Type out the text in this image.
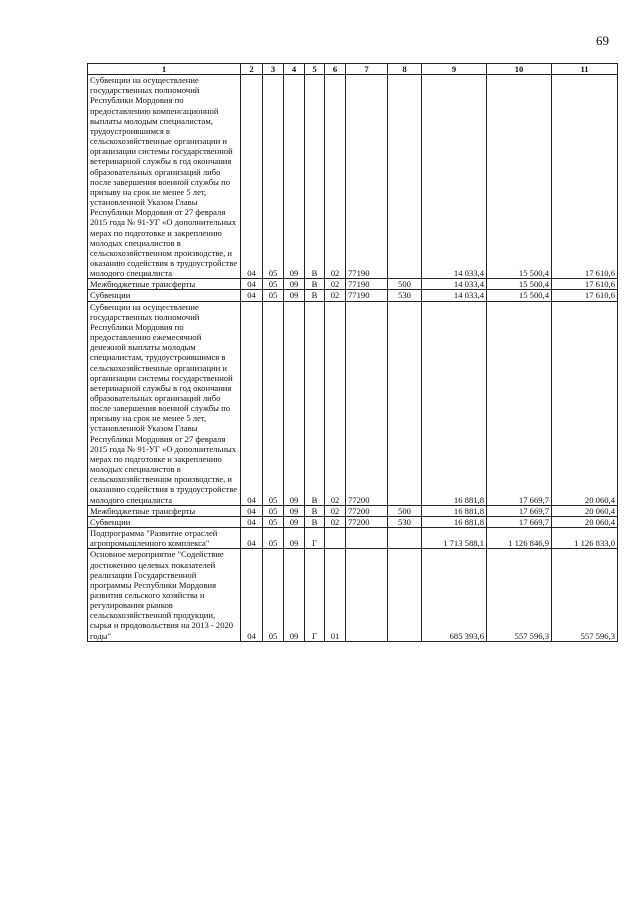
69
1	2	3	4	5	6	7	8	9	10	11
Субвенции на осуществление государственных полномочий Республики Мордовия по предоставлению компенсационной выплаты молодым специалистам, трудоустроившимся в сельскохозяйственные организации и организации системы государственной ветеринарной службы в год окончания образовательных организаций либо после завершения военной службы по призыву на срок не менее 5 лет, установленной Указом Главы Республики Мордовия от 27 февраля 2015 года № 91-УГ «О дополнительных мерах по подготовке и закреплению молодых специалистов в сельскохозяйственном производстве, и оказанию содействия в трудоустройстве молодого специалиста	04	05	09	В	02	77190		14 033,4	15 500,4	17 610,6
Межбюджетные трансферты	04	05	09	В	02	77190	500	14 033,4	15 500,4	17 610,6
Субвенции	04	05	09	В	02	77190	530	14 033,4	15 500,4	17 610,6
Субвенции на осуществление государственных полномочий Республики Мордовия по предоставлению ежемесячной денежной выплаты молодым специалистам, трудоустроившимся в сельскохозяйственные организации и организации системы государственной ветеринарной службы в год окончания образовательных организаций либо после завершения военной службы по призыву на срок не менее 5 лет, установленной Указом Главы Республики Мордовия от 27 февраля 2015 года № 91-УГ «О дополнительных мерах по подготовке и закреплению молодых специалистов в сельскохозяйственном производстве, и оказанию содействия в трудоустройстве молодого специалиста	04	05	09	В	02	77200		16 881,8	17 669,7	20 060,4
Межбюджетные трансферты	04	05	09	В	02	77200	500	16 881,8	17 669,7	20 060,4
Субвенции	04	05	09	В	02	77200	530	16 881,8	17 669,7	20 060,4
Подпрограмма "Развитие отраслей агропромышленного комплекса"	04	05	09	Г				1 713 588,1	1 126 846,9	1 126 833,0
Основное мероприятие "Содействие достижению целевых показателей реализации Государственной программы Республики Мордовия развития сельского хозяйства и регулирования рынков сельскохозяйственной продукции, сырья и продовольствия на 2013 - 2020 годы"	04	05	09	Г	01			685 393,6	557 596,3	557 596,3
